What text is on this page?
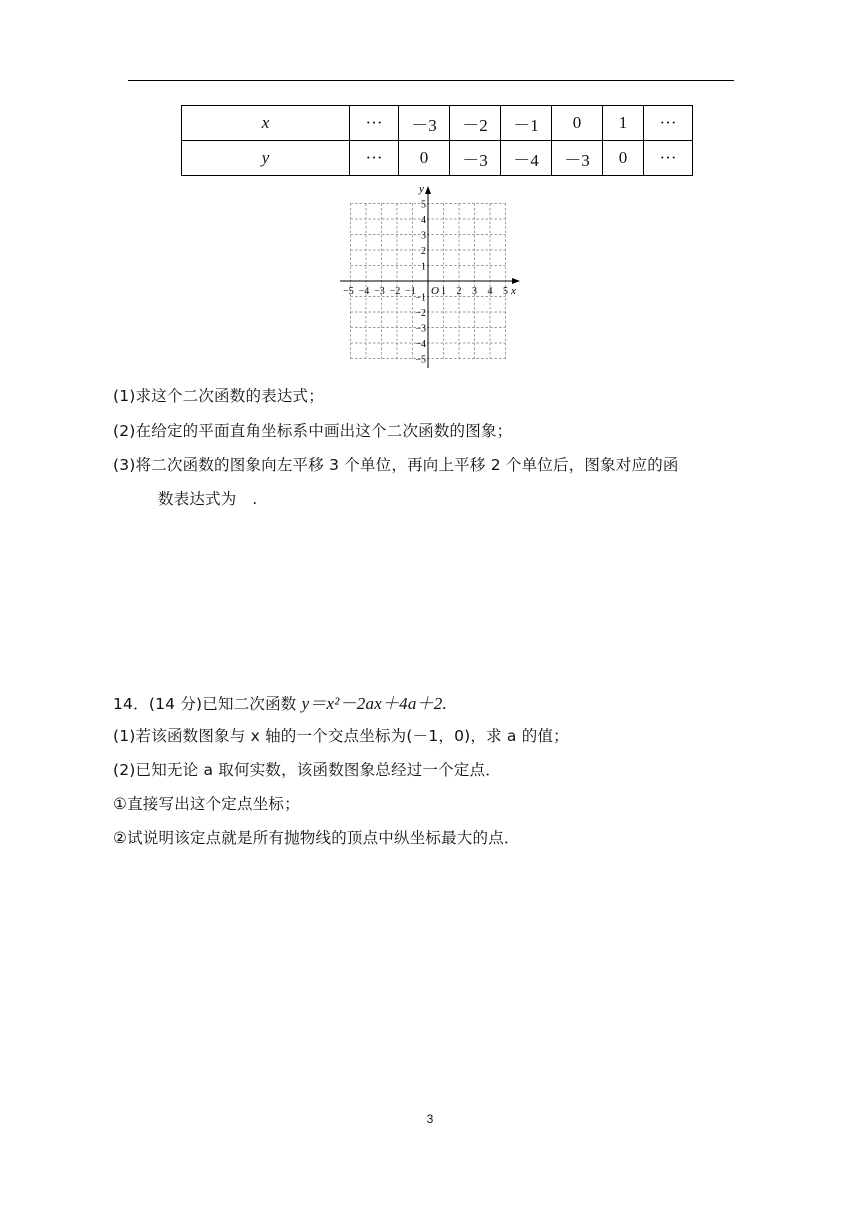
x	···	－3	－2	－1	0	1	···
y	···	0	－3	－4	－3	0	···
x
y
O
−5 −4 −3 −2 −1	1 2 3 4 5
5
4
3
2
1
−1
−2
−3
−4
−5
(1)求这个二次函数的表达式；
(2)在给定的平面直角坐标系中画出这个二次函数的图象；
(3)将二次函数的图象向左平移 3 个单位，再向上平移 2 个单位后，图象对应的函
数表达式为　.
14．(14 分)已知二次函数 y＝x²－2ax＋4a＋2.
(1)若该函数图象与 x 轴的一个交点坐标为(－1，0)，求 a 的值；
(2)已知无论 a 取何实数，该函数图象总经过一个定点．
①直接写出这个定点坐标；
②试说明该定点就是所有抛物线的顶点中纵坐标最大的点．
3
